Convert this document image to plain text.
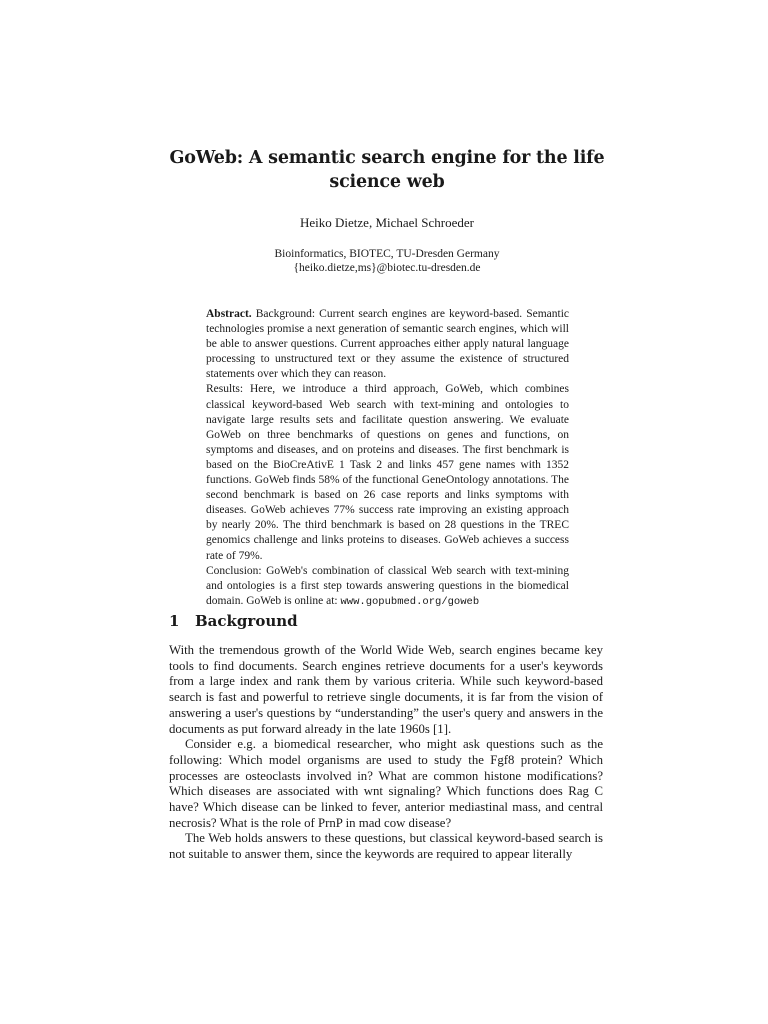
GoWeb: A semantic search engine for the life science web
Heiko Dietze, Michael Schroeder
Bioinformatics, BIOTEC, TU-Dresden Germany
{heiko.dietze,ms}@biotec.tu-dresden.de

Abstract. Background: Current search engines are keyword-based. Semantic technologies promise a next generation of semantic search engines, which will be able to answer questions. Current approaches either apply natural language processing to unstructured text or they assume the existence of structured statements over which they can reason.

Results: Here, we introduce a third approach, GoWeb, which combines classical keyword-based Web search with text-mining and ontologies to navigate large results sets and facilitate question answering. We evaluate GoWeb on three benchmarks of questions on genes and functions, on symptoms and diseases, and on proteins and diseases. The first benchmark is based on the BioCreAtivE 1 Task 2 and links 457 gene names with 1352 functions. GoWeb finds 58% of the functional GeneOntology annotations. The second benchmark is based on 26 case reports and links symptoms with diseases. GoWeb achieves 77% success rate improving an existing approach by nearly 20%. The third benchmark is based on 28 questions in the TREC genomics challenge and links proteins to diseases. GoWeb achieves a success rate of 79%.

Conclusion: GoWeb's combination of classical Web search with text-mining and ontologies is a first step towards answering questions in the biomedical domain. GoWeb is online at: www.gopubmed.org/goweb

1 Background

With the tremendous growth of the World Wide Web, search engines became key tools to find documents. Search engines retrieve documents for a user's keywords from a large index and rank them by various criteria. While such keyword-based search is fast and powerful to retrieve single documents, it is far from the vision of answering a user's questions by “understanding” the user's query and answers in the documents as put forward already in the late 1960s [1].

Consider e.g. a biomedical researcher, who might ask questions such as the following: Which model organisms are used to study the Fgf8 protein? Which processes are osteoclasts involved in? What are common histone modifications? Which diseases are associated with wnt signaling? Which functions does Rag C have? Which disease can be linked to fever, anterior mediastinal mass, and central necrosis? What is the role of PrnP in mad cow disease?

The Web holds answers to these questions, but classical keyword-based search is not suitable to answer them, since the keywords are required to appear literally
